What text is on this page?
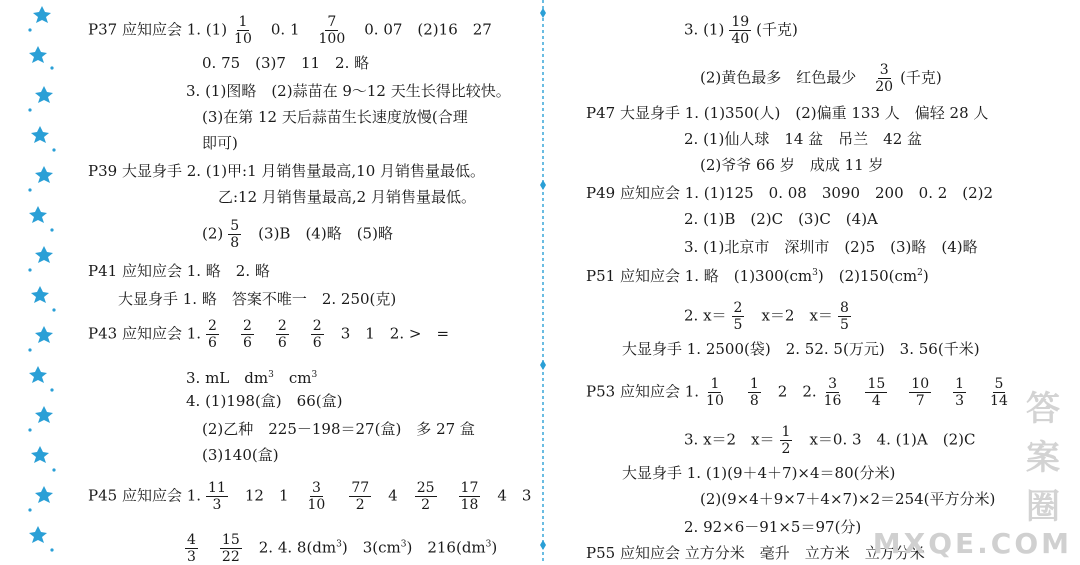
P37 应知应会 1. $(1) \frac{1}{10} 0$. $1 \frac{7}{100} 0$. 07　(2)16　27
0. 75　(3)7　11　2. 略
3. (1)图略　(2)蒜苗在 9～12 天生长得比较快。
(3)在第 12 天后蒜苗生长速度放慢(合理
即可)
P39 大显身手 2. (1)甲:1 月销售量最高,10 月销售量最低。
乙:12 月销售量最高,2 月销售量最低。
$(2) \frac{5}{8} (3)B$　(4)略　(5)略
P41 应知应会 1. 略　2. 略
大显身手 1. 略　答案不唯一　2. 250(克)
P43 应知应会 1. $\frac{2}{6} \frac{2}{6} \frac{2}{6} \frac{2}{6} 3$　1　2. >　=
3. mL　$dm^3$　$cm^3$
4. (1)198(盒)　66(盒)
(2)乙种　225－198＝27(盒)　多 27 盒
(3)140(盒)
P45 应知应会 1. $\frac{11}{3} 12$　$1 \frac{3}{10} \frac{77}{2} 4 \frac{25}{2} \frac{17}{18} 4$　3
$\frac{4}{3} \frac{15}{22} 2$. 4. $8(dm^3)$　$3(cm^3)$　$216(dm^3)$
3. $(1) \frac{19}{40}$ (千克)
(2)黄色最多　红色最少 $\frac{3}{20}$ (千克)
P47 大显身手 1. (1)350(人)　(2)偏重 133 人　偏轻 28 人
2. (1)仙人球　14 盆　吊兰　42 盆
(2)爷爷 66 岁　成成 11 岁
P49 应知应会 1. (1)125　0. 08　3090　200　0. 2　(2)2
2. (1)B　(2)C　(3)C　(4)A
3. (1)北京市　深圳市　(2)5　(3)略　(4)略
P51 应知应会 1. 略　$(1)300(cm^3)$　$(2)150(cm^2)$
2. $x= \frac{2}{5} x=2$　$x= \frac{8}{5}$
大显身手 1. 2500(袋)　2. 52. 5(万元)　3. 56(千米)
P53 应知应会 1. $\frac{1}{10} \frac{1}{8} 2$　2. $\frac{3}{16} \frac{15}{4} \frac{10}{7} \frac{1}{3} \frac{5}{14}$
3. x＝2　$x= \frac{1}{2} x=0$. 3　4. (1)A　(2)C
大显身手 1. (1)(9＋4＋7)×4＝80(分米)
(2)(9×4＋9×7＋4×7)×2＝254(平方分米)
2. 92×6－91×5＝97(分)
P55 应知应会 立方分米　毫升　立方米　立方分米
答案圈
MXQE.COM
